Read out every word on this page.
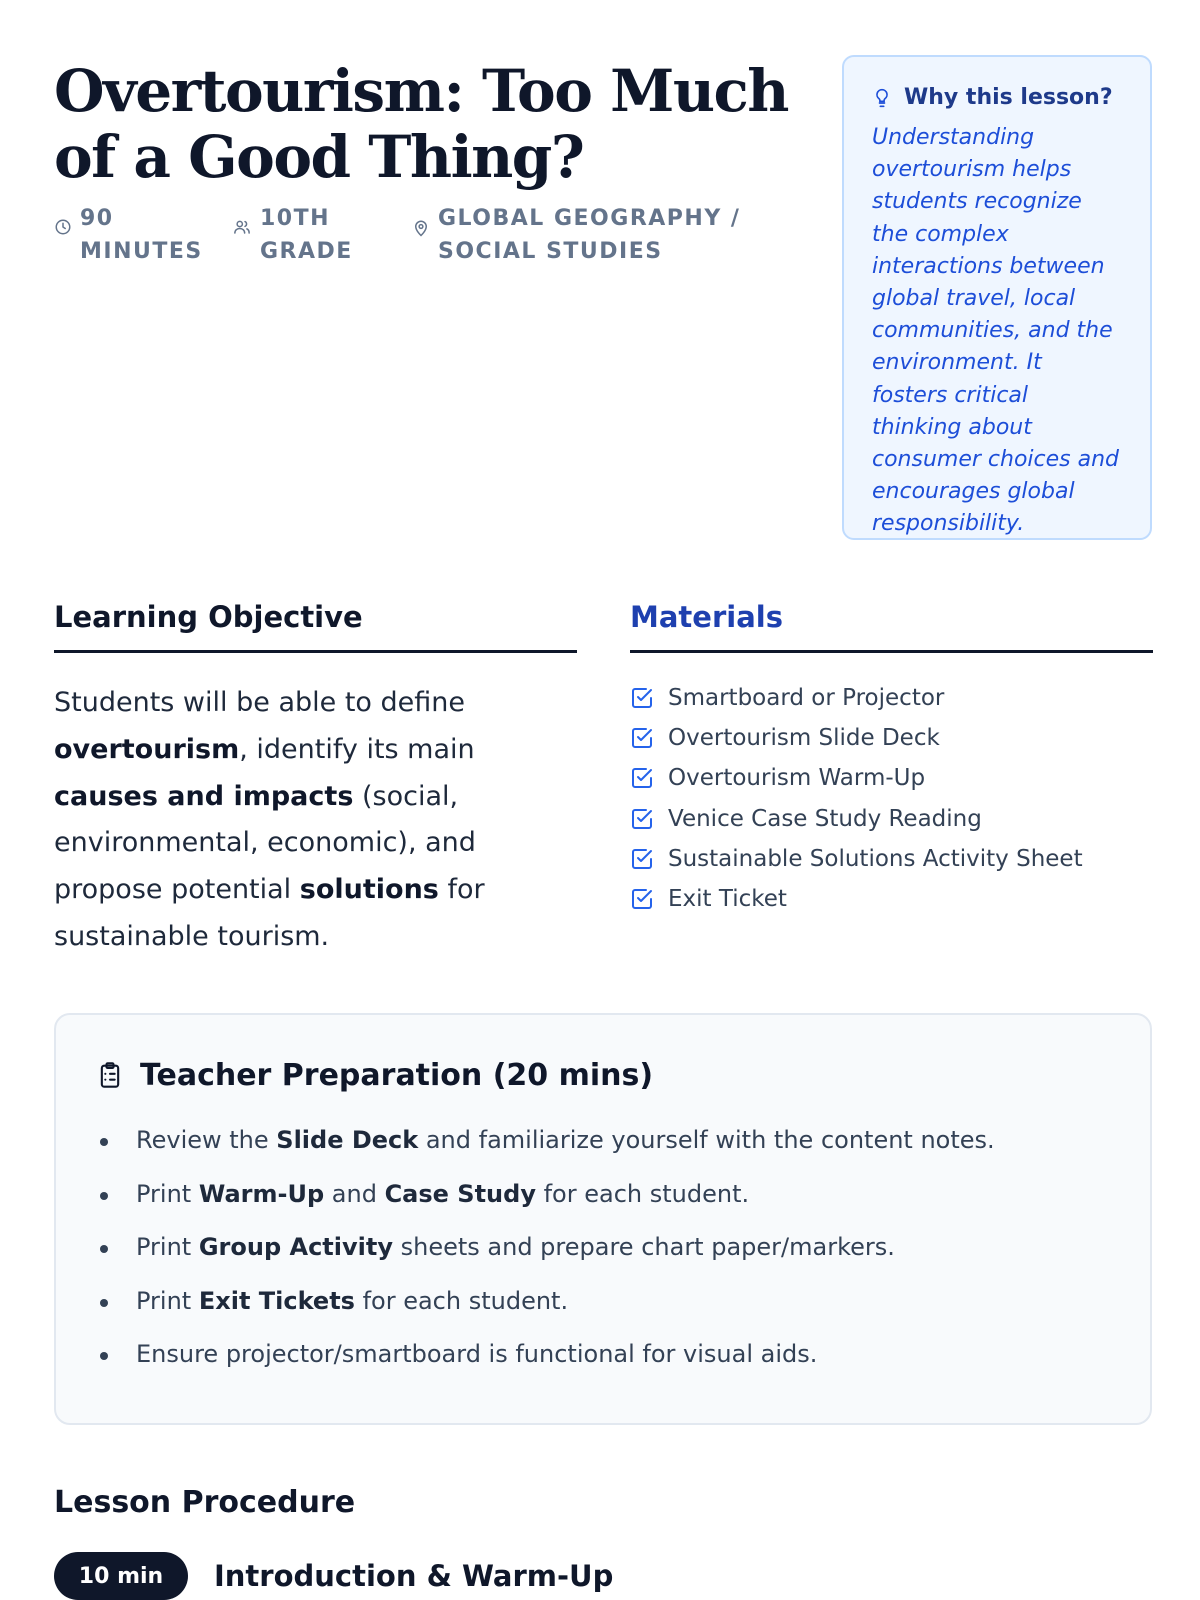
Overtourism: Too Much of a Good Thing?
90 MINUTES
10TH GRADE
GLOBAL GEOGRAPHY / SOCIAL STUDIES
Why this lesson?

Understanding overtourism helps students recognize the complex interactions between global travel, local communities, and the environment. It fosters critical thinking about consumer choices and encourages global responsibility.

Learning Objective

Students will be able to define overtourism, identify its main causes and impacts (social, environmental, economic), and propose potential solutions for sustainable tourism.

Materials
Smartboard or Projector
Overtourism Slide Deck
Overtourism Warm-Up
Venice Case Study Reading
Sustainable Solutions Activity Sheet
Exit Ticket
Teacher Preparation (20 mins)
Review the Slide Deck and familiarize yourself with the content notes.
Print Warm-Up and Case Study for each student.
Print Group Activity sheets and prepare chart paper/markers.
Print Exit Tickets for each student.
Ensure projector/smartboard is functional for visual aids.
Lesson Procedure
10 min	Introduction & Warm-Up
